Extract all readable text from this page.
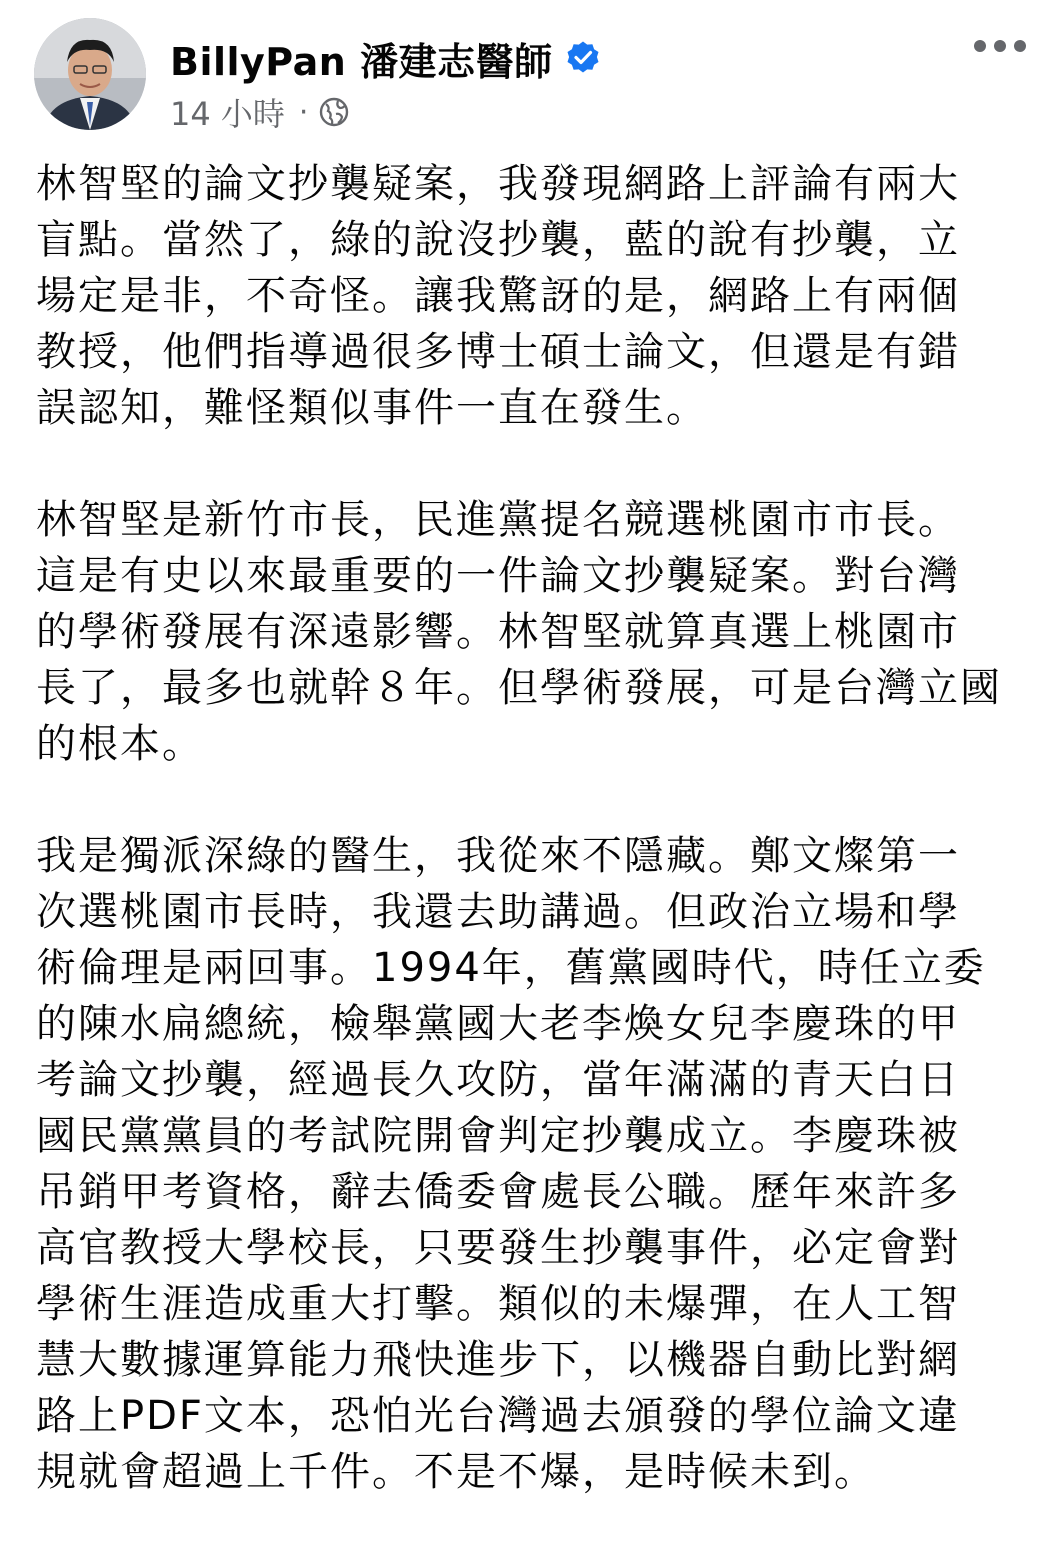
BillyPan 潘建志醫師
14 小時 ·

林智堅的論文抄襲疑案，我發現網路上評論有兩大
盲點。當然了，綠的說沒抄襲，藍的說有抄襲，立
場定是非，不奇怪。讓我驚訝的是，網路上有兩個
教授，他們指導過很多博士碩士論文，但還是有錯
誤認知，難怪類似事件一直在發生。

林智堅是新竹市長，民進黨提名競選桃園市市長。
這是有史以來最重要的一件論文抄襲疑案。對台灣
的學術發展有深遠影響。林智堅就算真選上桃園市
長了，最多也就幹８年。但學術發展，可是台灣立國
的根本。

我是獨派深綠的醫生，我從來不隱藏。鄭文燦第一
次選桃園市長時，我還去助講過。但政治立場和學
術倫理是兩回事。1994年，舊黨國時代，時任立委
的陳水扁總統，檢舉黨國大老李煥女兒李慶珠的甲
考論文抄襲，經過長久攻防，當年滿滿的青天白日
國民黨黨員的考試院開會判定抄襲成立。李慶珠被
吊銷甲考資格，辭去僑委會處長公職。歷年來許多
高官教授大學校長，只要發生抄襲事件，必定會對
學術生涯造成重大打擊。類似的未爆彈，在人工智
慧大數據運算能力飛快進步下，以機器自動比對網
路上PDF文本，恐怕光台灣過去頒發的學位論文違
規就會超過上千件。不是不爆，是時候未到。
